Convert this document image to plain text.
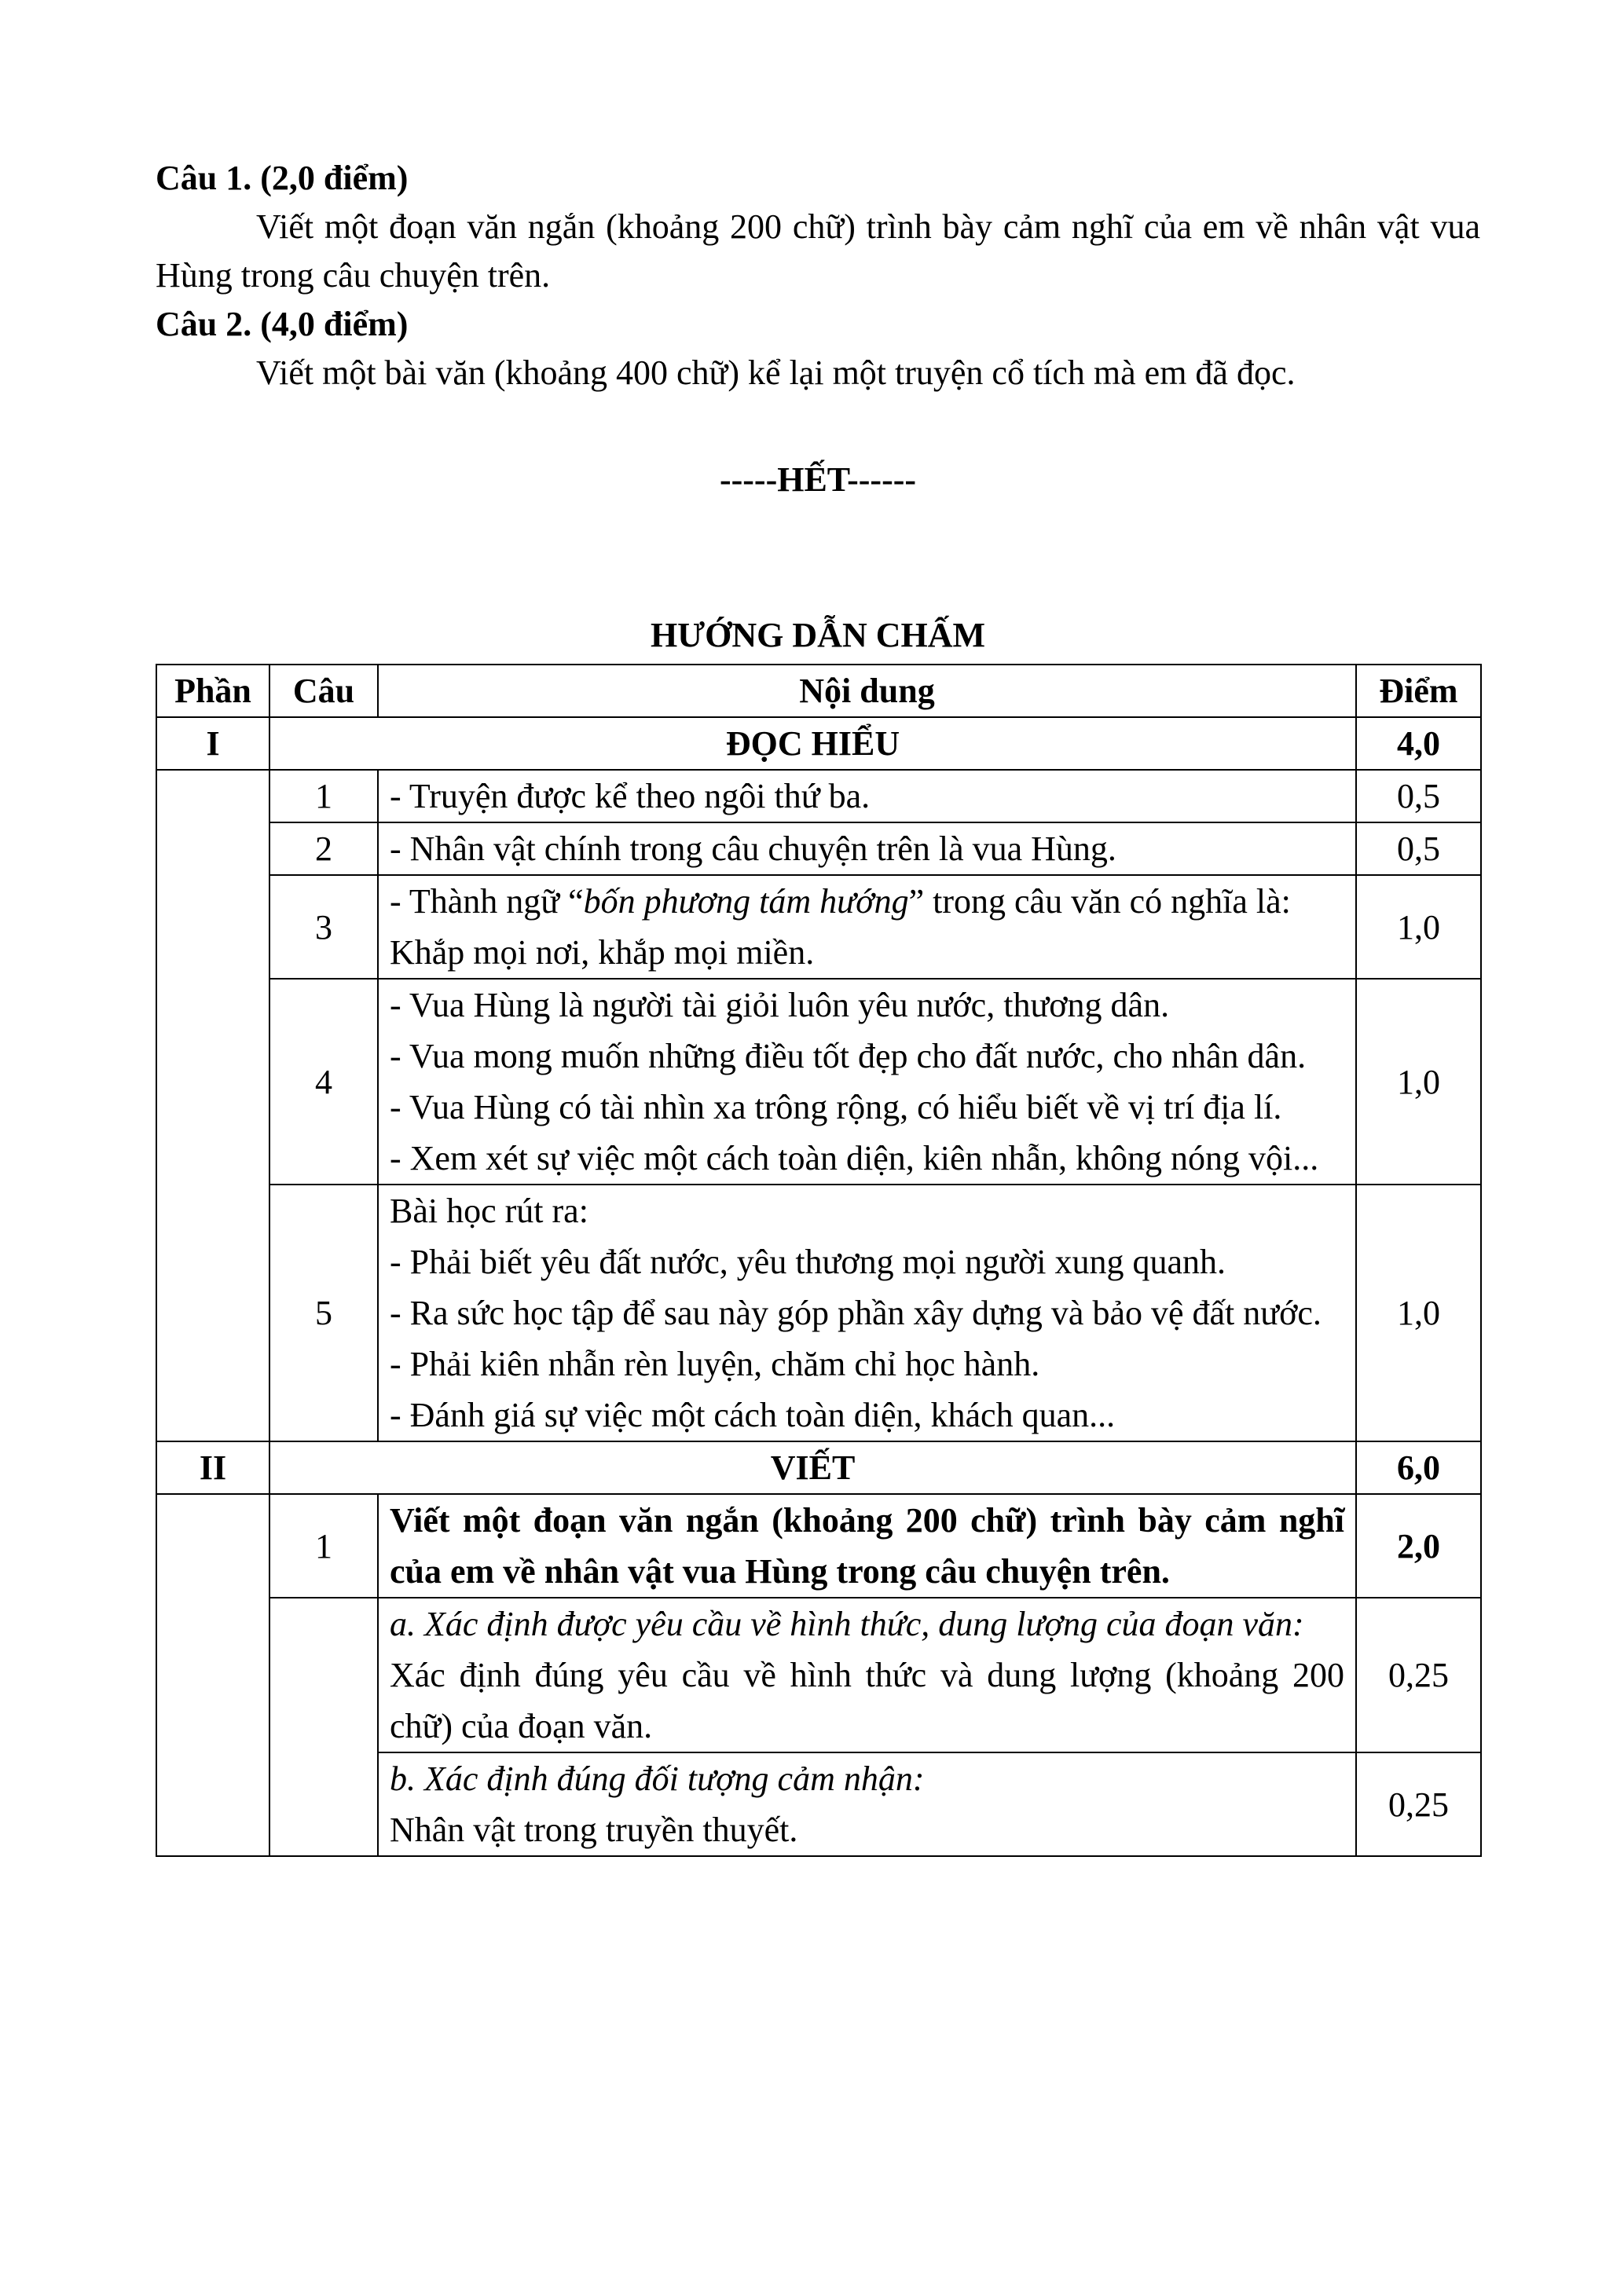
Câu 1. (2,0 điểm)
Viết một đoạn văn ngắn (khoảng 200 chữ) trình bày cảm nghĩ của em về nhân vật vua Hùng trong câu chuyện trên.
Câu 2. (4,0 điểm)
Viết một bài văn (khoảng 400 chữ) kể lại một truyện cổ tích mà em đã đọc.
-----HẾT------
HƯỚNG DẪN CHẤM
Phần	Câu	Nội dung	Điểm
I	ĐỌC HIỂU		4,0
	1	- Truyện được kể theo ngôi thứ ba.	0,5
	2	- Nhân vật chính trong câu chuyện trên là vua Hùng.	0,5
	3	- Thành ngữ “bốn phương tám hướng” trong câu văn có nghĩa là:
Khắp mọi nơi, khắp mọi miền.	1,0
	4	- Vua Hùng là người tài giỏi luôn yêu nước, thương dân.
- Vua mong muốn những điều tốt đẹp cho đất nước, cho nhân dân.
- Vua Hùng có tài nhìn xa trông rộng, có hiểu biết về vị trí địa lí.
- Xem xét sự việc một cách toàn diện, kiên nhẫn, không nóng vội...	1,0
	5	Bài học rút ra:
- Phải biết yêu đất nước, yêu thương mọi người xung quanh.
- Ra sức học tập để sau này góp phần xây dựng và bảo vệ đất nước.
- Phải kiên nhẫn rèn luyện, chăm chỉ học hành.
- Đánh giá sự việc một cách toàn diện, khách quan...	1,0
II	VIẾT		6,0
	1	Viết một đoạn văn ngắn (khoảng 200 chữ) trình bày cảm nghĩ của em về nhân vật vua Hùng trong câu chuyện trên.	2,0

		a. Xác định được yêu cầu về hình thức, dung lượng của đoạn văn:
Xác định đúng yêu cầu về hình thức và dung lượng (khoảng 200 chữ) của đoạn văn.	0,25

		b. Xác định đúng đối tượng cảm nhận:
Nhân vật trong truyền thuyết.	0,25
